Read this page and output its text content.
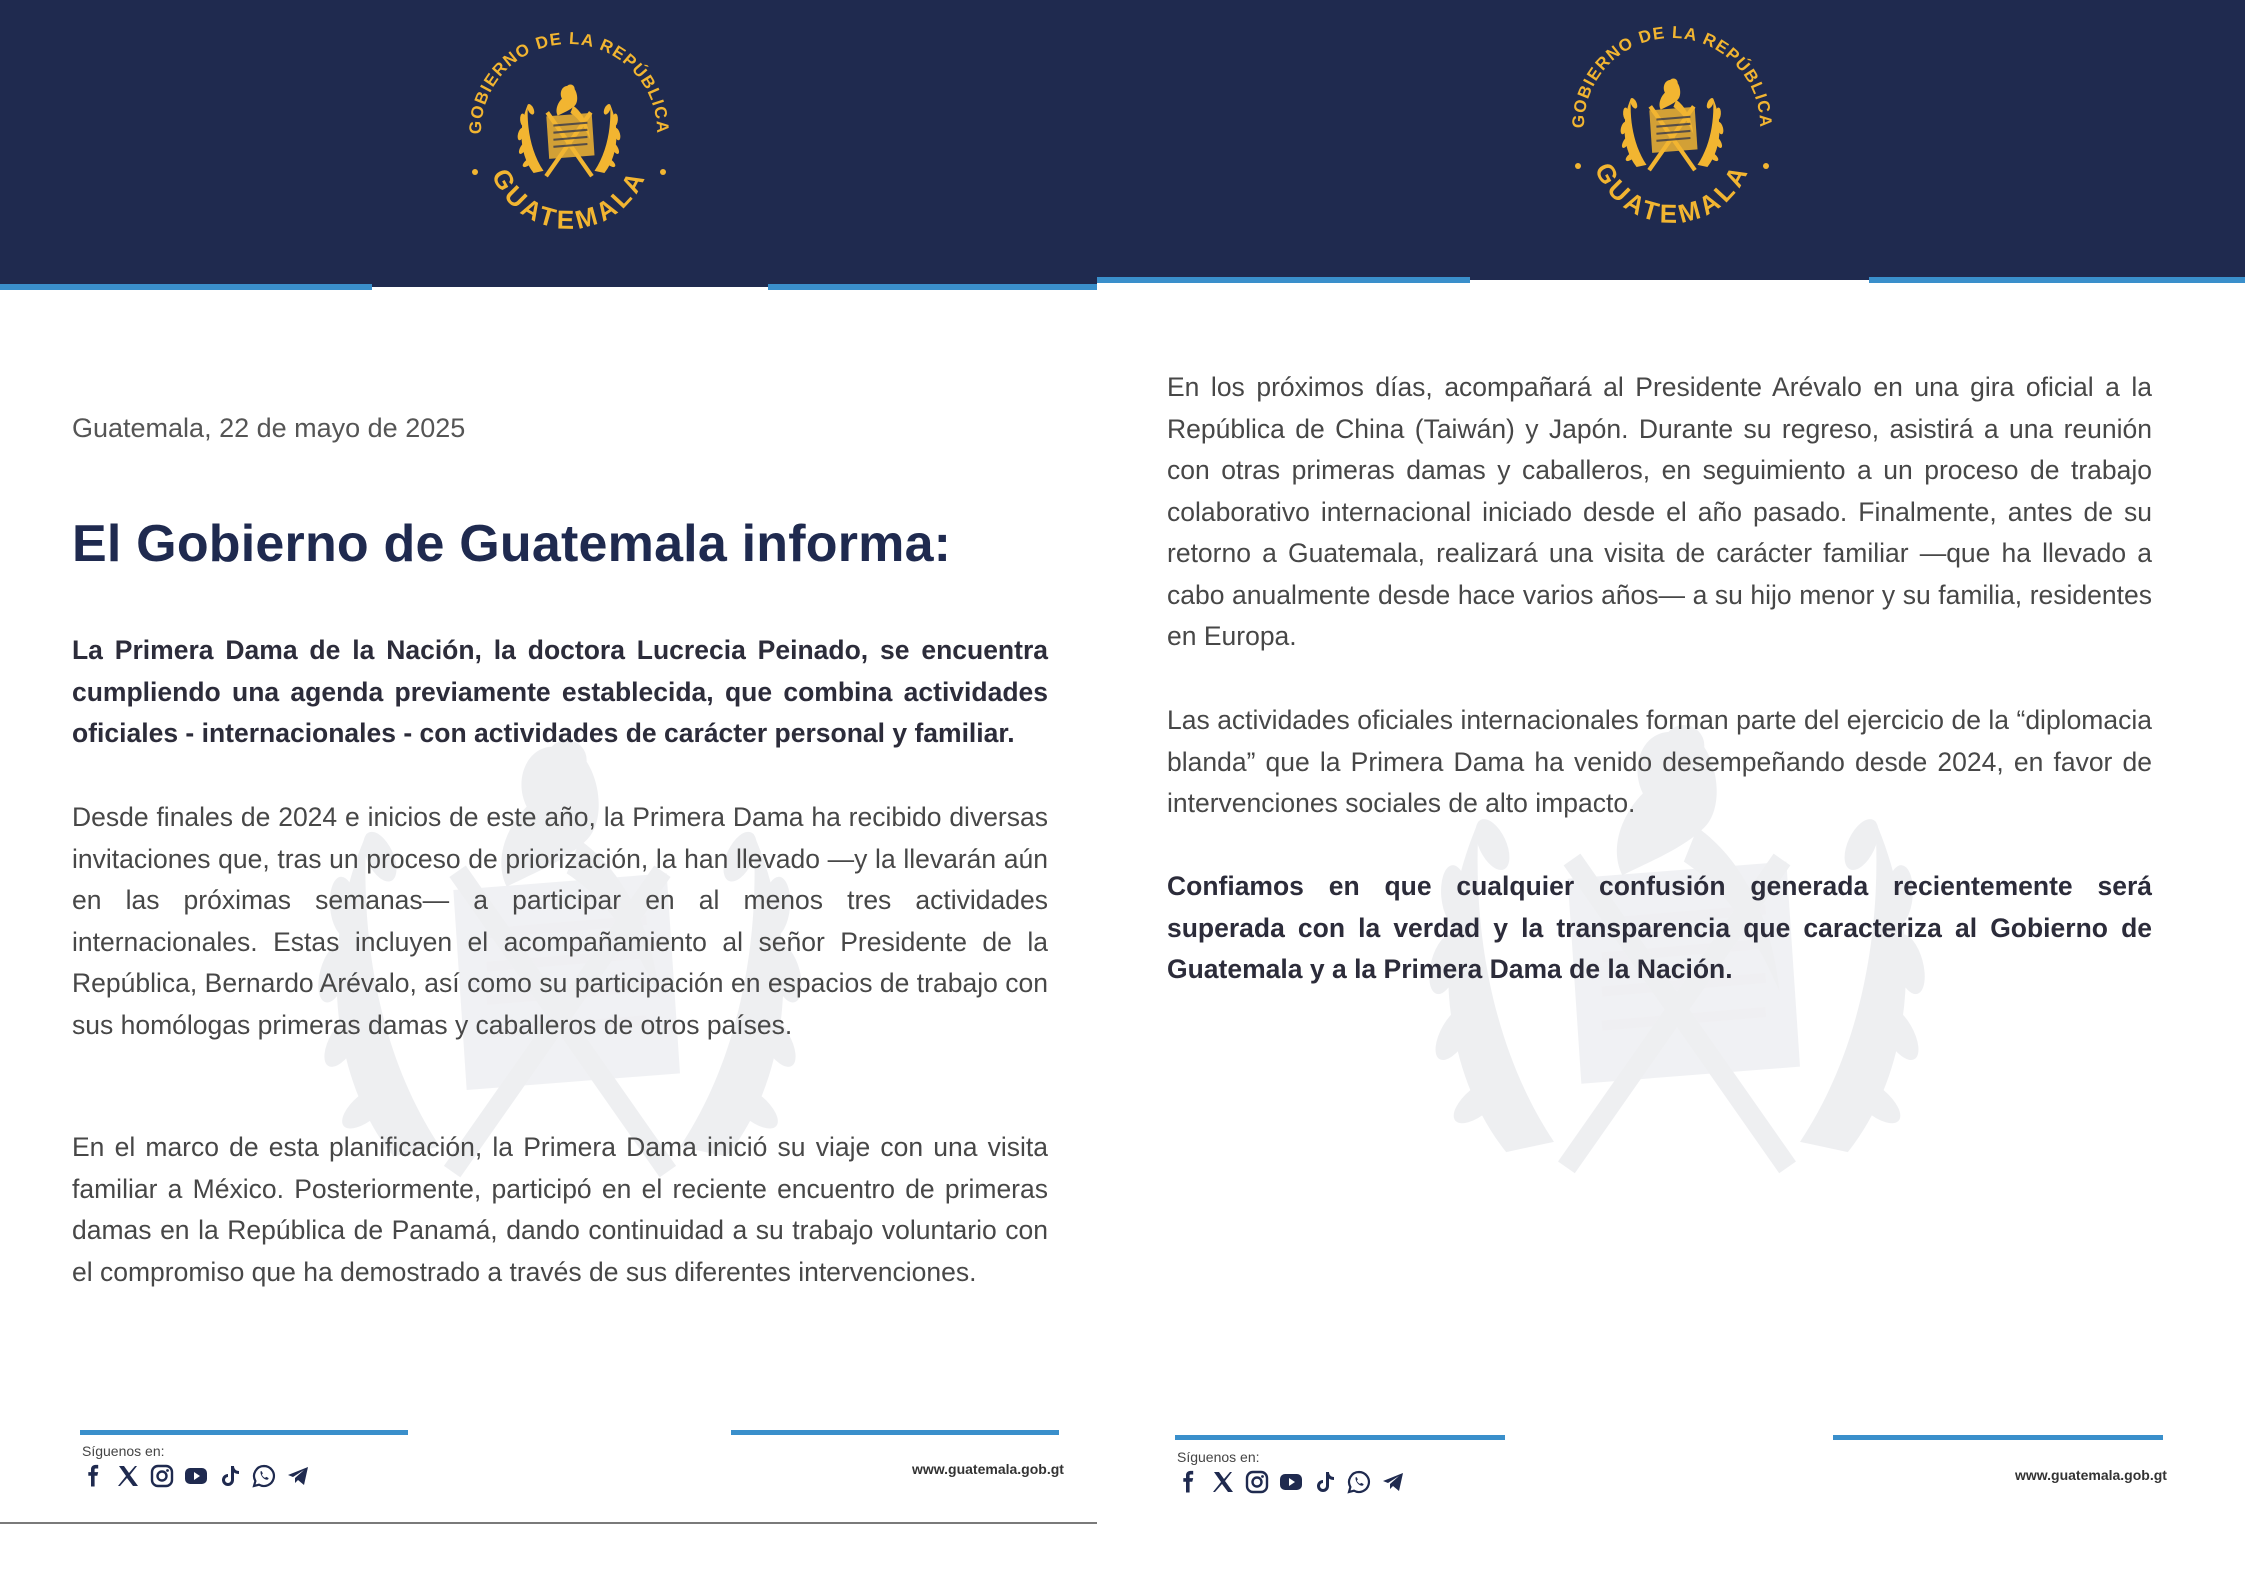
GOBIERNO DE LA REPÚBLICA
GUATEMALA
Guatemala, 22 de mayo de 2025
El Gobierno de Guatemala informa:

La Primera Dama de la Nación, la doctora Lucrecia Peinado, se encuentra cumpliendo una agenda previamente establecida, que combina actividades oficiales - internacionales - con actividades de carácter personal y familiar.

Desde finales de 2024 e inicios de este año, la Primera Dama ha recibido diversas invitaciones que, tras un proceso de priorización, la han llevado —y la llevarán aún en las próximas semanas— a participar en al menos tres actividades internacionales. Estas incluyen el acompañamiento al señor Presidente de la República, Bernardo Arévalo, así como su participación en espacios de trabajo con sus homólogas primeras damas y caballeros de otros países.

En el marco de esta planificación, la Primera Dama inició su viaje con una visita familiar a México. Posteriormente, participó en el reciente encuentro de primeras damas en la República de Panamá, dando continuidad a su trabajo voluntario con el compromiso que ha demostrado a través de sus diferentes intervenciones.

Síguenos en:
www.guatemala.gob.gt
GOBIERNO DE LA REPÚBLICA
GUATEMALA

En los próximos días, acompañará al Presidente Arévalo en una gira oficial a la República de China (Taiwán) y Japón. Durante su regreso, asistirá a una reunión con otras primeras damas y caballeros, en seguimiento a un proceso de trabajo colaborativo internacional iniciado desde el año pasado. Finalmente, antes de su retorno a Guatemala, realizará una visita de carácter familiar —que ha llevado a cabo anualmente desde hace varios años— a su hijo menor y su familia, residentes en Europa.

Las actividades oficiales internacionales forman parte del ejercicio de la “diplomacia blanda” que la Primera Dama ha venido desempeñando desde 2024, en favor de intervenciones sociales de alto impacto.

Confiamos en que cualquier confusión generada recientemente será superada con la verdad y la transparencia que caracteriza al Gobierno de Guatemala y a la Primera Dama de la Nación.

Síguenos en:
www.guatemala.gob.gt
